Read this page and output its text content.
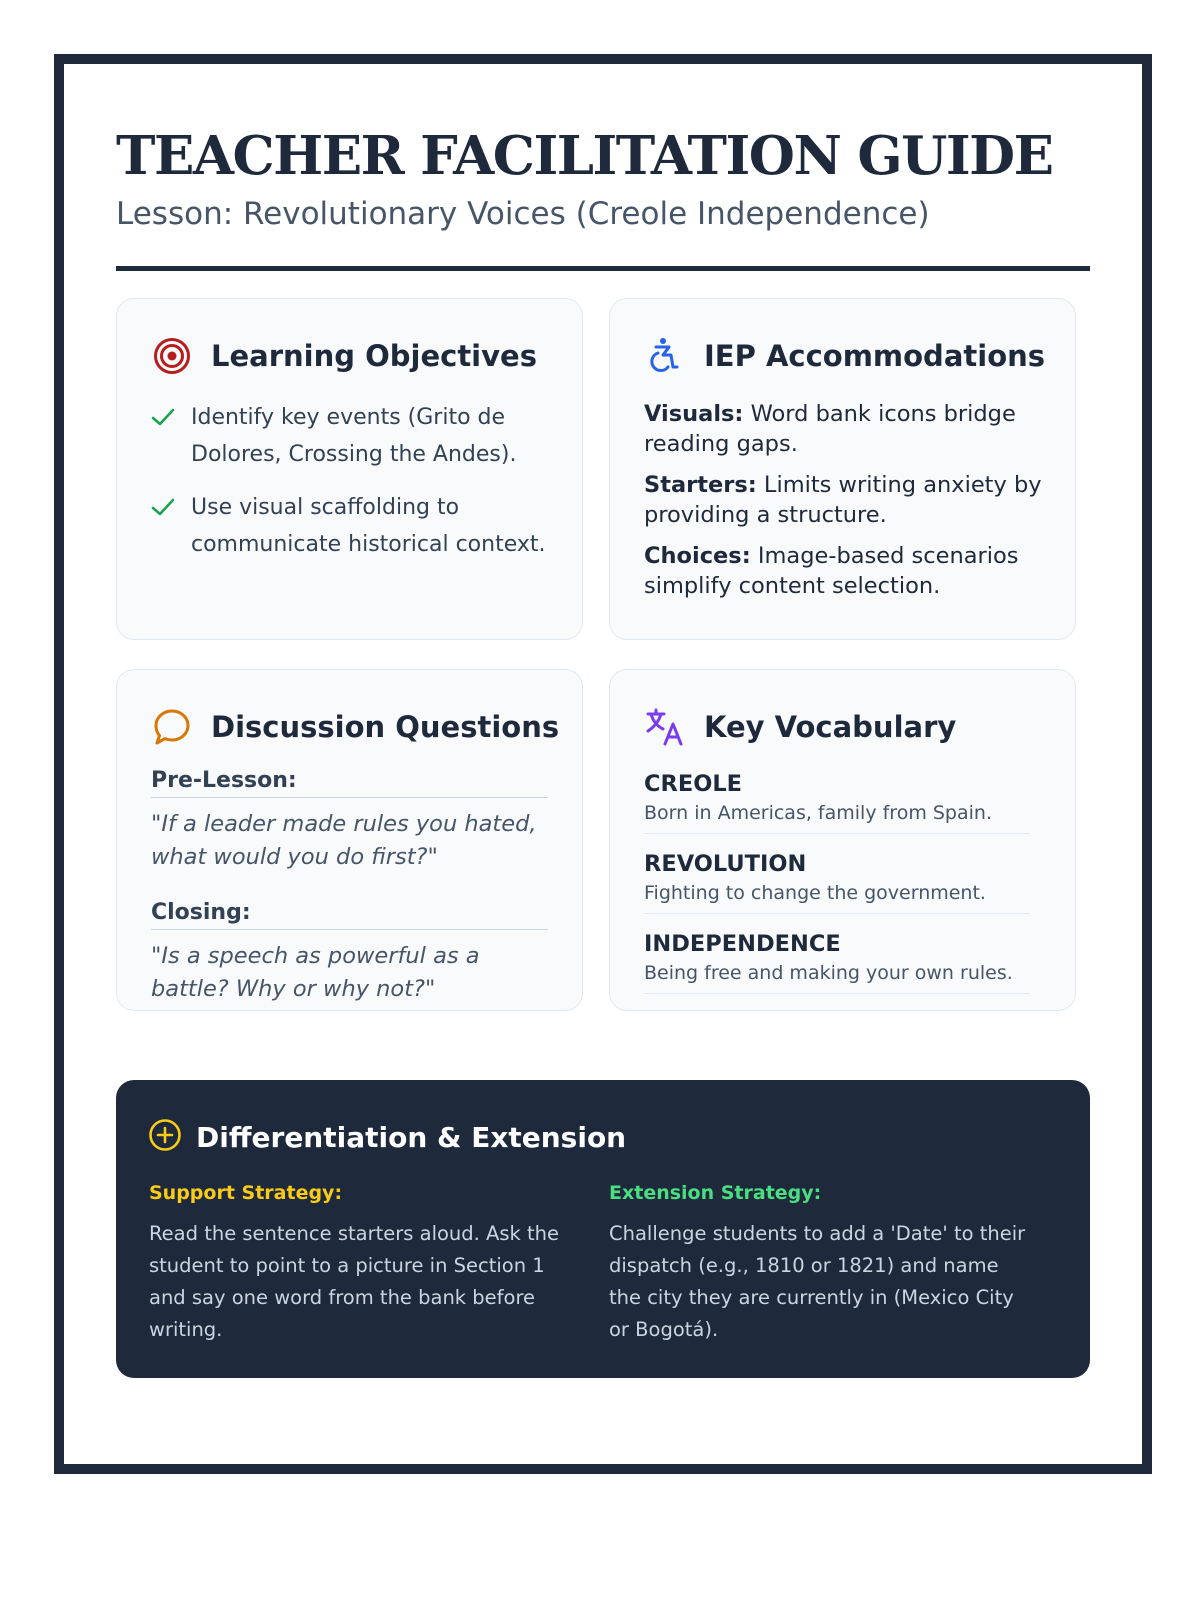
TEACHER FACILITATION GUIDE
Lesson: Revolutionary Voices (Creole Independence)
Learning Objectives
Identify key events (Grito de Dolores, Crossing the Andes).
Use visual scaffolding to communicate historical context.
IEP Accommodations
Visuals: Word bank icons bridge reading gaps.
Starters: Limits writing anxiety by providing a structure.
Choices: Image-based scenarios simplify content selection.
Discussion Questions
Pre-Lesson:
"If a leader made rules you hated, what would you do first?"
Closing:
"Is a speech as powerful as a battle? Why or why not?"
Key Vocabulary
CREOLE
Born in Americas, family from Spain.
REVOLUTION
Fighting to change the government.
INDEPENDENCE
Being free and making your own rules.
Differentiation & Extension
Support Strategy:
Read the sentence starters aloud. Ask the student to point to a picture in Section 1 and say one word from the bank before writing.
Extension Strategy:
Challenge students to add a 'Date' to their dispatch (e.g., 1810 or 1821) and name the city they are currently in (Mexico City or Bogotá).
